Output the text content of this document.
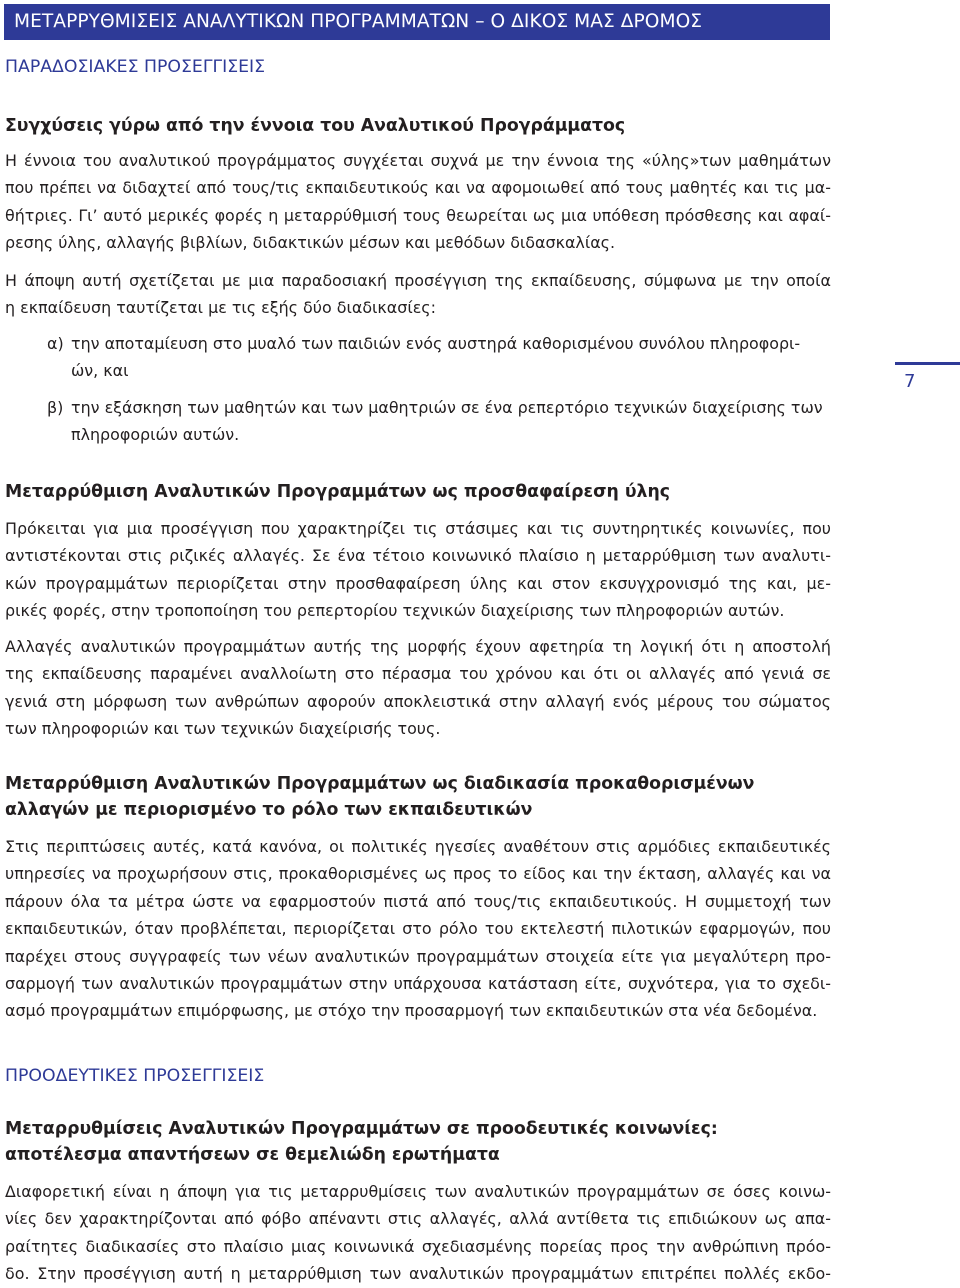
ΜΕΤΑΡΡΥΘΜΙΣΕΙΣ ΑΝΑΛΥΤΙΚΩΝ ΠΡΟΓΡΑΜΜΑΤΩΝ – Ο ΔΙΚΟΣ ΜΑΣ ΔΡΟΜΟΣ
ΠΑΡΑΔΟΣΙΑΚΕΣ ΠΡΟΣΕΓΓΙΣΕΙΣ
Συγχύσεις γύρω από την έννοια του Αναλυτικού Προγράμματος
Η έννοια του αναλυτικού προγράμματος συγχέεται συχνά με την έννοια της «ύλης»των μαθημάτων
που πρέπει να διδαχτεί από τους/τις εκπαιδευτικούς και να αφομοιωθεί από τους μαθητές και τις μα-
θήτριες. Γι’ αυτό μερικές φορές η μεταρρύθμισή τους θεωρείται ως μια υπόθεση πρόσθεσης και αφαί-
ρεσης ύλης, αλλαγής βιβλίων, διδακτικών μέσων και μεθόδων διδασκαλίας.
Η άποψη αυτή σχετίζεται με μια παραδοσιακή προσέγγιση της εκπαίδευσης, σύμφωνα με την οποία
η εκπαίδευση ταυτίζεται με τις εξής δύο διαδικασίες:
α) την αποταμίευση στο μυαλό των παιδιών ενός αυστηρά καθορισμένου συνόλου πληροφορι-
ών, και
β) την εξάσκηση των μαθητών και των μαθητριών σε ένα ρεπερτόριο τεχνικών διαχείρισης των
πληροφοριών αυτών.
Μεταρρύθμιση Αναλυτικών Προγραμμάτων ως προσθαφαίρεση ύλης
Πρόκειται για μια προσέγγιση που χαρακτηρίζει τις στάσιμες και τις συντηρητικές κοινωνίες, που
αντιστέκονται στις ριζικές αλλαγές. Σε ένα τέτοιο κοινωνικό πλαίσιο η μεταρρύθμιση των αναλυτι-
κών προγραμμάτων περιορίζεται στην προσθαφαίρεση ύλης και στον εκσυγχρονισμό της και, με-
ρικές φορές, στην τροποποίηση του ρεπερτορίου τεχνικών διαχείρισης των πληροφοριών αυτών.
Αλλαγές αναλυτικών προγραμμάτων αυτής της μορφής έχουν αφετηρία τη λογική ότι η αποστολή
της εκπαίδευσης παραμένει αναλλοίωτη στο πέρασμα του χρόνου και ότι οι αλλαγές από γενιά σε
γενιά στη μόρφωση των ανθρώπων αφορούν αποκλειστικά στην αλλαγή ενός μέρους του σώματος
των πληροφοριών και των τεχνικών διαχείρισής τους.
Μεταρρύθμιση Αναλυτικών Προγραμμάτων ως διαδικασία προκαθορισμένων
αλλαγών με περιορισμένο το ρόλο των εκπαιδευτικών
Στις περιπτώσεις αυτές, κατά κανόνα, οι πολιτικές ηγεσίες αναθέτουν στις αρμόδιες εκπαιδευτικές
υπηρεσίες να προχωρήσουν στις, προκαθορισμένες ως προς το είδος και την έκταση, αλλαγές και να
πάρουν όλα τα μέτρα ώστε να εφαρμοστούν πιστά από τους/τις εκπαιδευτικούς. Η συμμετοχή των
εκπαιδευτικών, όταν προβλέπεται, περιορίζεται στο ρόλο του εκτελεστή πιλοτικών εφαρμογών, που
παρέχει στους συγγραφείς των νέων αναλυτικών προγραμμάτων στοιχεία είτε για μεγαλύτερη προ-
σαρμογή των αναλυτικών προγραμμάτων στην υπάρχουσα κατάσταση είτε, συχνότερα, για το σχεδι-
ασμό προγραμμάτων επιμόρφωσης, με στόχο την προσαρμογή των εκπαιδευτικών στα νέα δεδομένα.
ΠΡΟΟΔΕΥΤΙΚΕΣ ΠΡΟΣΕΓΓΙΣΕΙΣ
Μεταρρυθμίσεις Αναλυτικών Προγραμμάτων σε προοδευτικές κοινωνίες:
αποτέλεσμα απαντήσεων σε θεμελιώδη ερωτήματα
Διαφορετική είναι η άποψη για τις μεταρρυθμίσεις των αναλυτικών προγραμμάτων σε όσες κοινω-
νίες δεν χαρακτηρίζονται από φόβο απέναντι στις αλλαγές, αλλά αντίθετα τις επιδιώκουν ως απα-
ραίτητες διαδικασίες στο πλαίσιο μιας κοινωνικά σχεδιασμένης πορείας προς την ανθρώπινη πρόο-
δο. Στην προσέγγιση αυτή η μεταρρύθμιση των αναλυτικών προγραμμάτων επιτρέπει πολλές εκδο-
7
